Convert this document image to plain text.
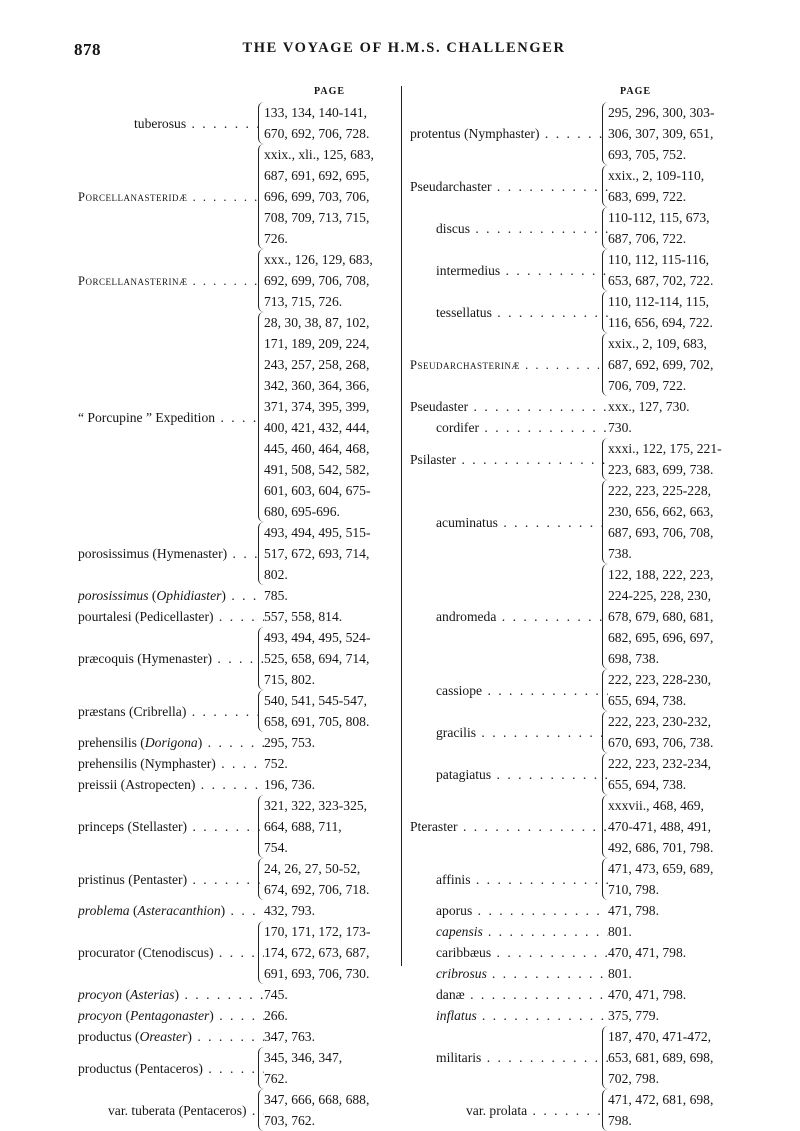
878	THE VOYAGE OF H.M.S. CHALLENGER
PAGE
tuberosus . . .
133, 134, 140-141,
670, 692, 706, 728.
Porcellanasteridæ . . .
xxix., xli., 125, 683,
687, 691, 692, 695,
696, 699, 703, 706,
708, 709, 713, 715,
726.
Porcellanasterinæ . . .
xxx., 126, 129, 683,
692, 699, 706, 708,
713, 715, 726.
“ Porcupine ” Expedition . . .
28, 30, 38, 87, 102,
171, 189, 209, 224,
243, 257, 258, 268,
342, 360, 364, 366,
371, 374, 395, 399,
400, 421, 432, 444,
445, 460, 464, 468,
491, 508, 542, 582,
601, 603, 604, 675-
680, 695-696.
porosissimus (Hymenaster) . . .
493, 494, 495, 515-
517, 672, 693, 714,
802.
porosissimus (Ophidiaster) . . .	785.
pourtalesi (Pedicellaster) . . .	557, 558, 814.
præcoquis (Hymenaster) . . .
493, 494, 495, 524-
525, 658, 694, 714,
715, 802.
præstans (Cribrella) . . .
540, 541, 545-547,
658, 691, 705, 808.
prehensilis (Dorigona) . . .	295, 753.
prehensilis (Nymphaster) . . .	752.
preissii (Astropecten) . . .	196, 736.
princeps (Stellaster) . . .
321, 322, 323-325,
664, 688, 711,
754.
pristinus (Pentaster) . . .
24, 26, 27, 50-52,
674, 692, 706, 718.
problema (Asteracanthion) . . .	432, 793.
procurator (Ctenodiscus) . . .
170, 171, 172, 173-
174, 672, 673, 687,
691, 693, 706, 730.
procyon (Asterias) . . .	745.
procyon (Pentagonaster) . . .	266.
productus (Oreaster) . . .	347, 763.
productus (Pentaceros) . . .
345, 346, 347,
762.
var. tuberata (Pentaceros) . . .
347, 666, 668, 688,
703, 762.
PAGE
protentus (Nymphaster) . . .
295, 296, 300, 303-
306, 307, 309, 651,
693, 705, 752.
Pseudarchaster . . .
xxix., 2, 109-110,
683, 699, 722.
discus . . .
110-112, 115, 673,
687, 706, 722.
intermedius . . .
110, 112, 115-116,
653, 687, 702, 722.
tessellatus . . .
110, 112-114, 115,
116, 656, 694, 722.
Pseudarchasterinæ . . .
xxix., 2, 109, 683,
687, 692, 699, 702,
706, 709, 722.
Pseudaster . . .	xxx., 127, 730.
cordifer . . .	730.
Psilaster . . .
xxxi., 122, 175, 221-
223, 683, 699, 738.
acuminatus . . .
222, 223, 225-228,
230, 656, 662, 663,
687, 693, 706, 708,
738.
andromeda . . .
122, 188, 222, 223,
224-225, 228, 230,
678, 679, 680, 681,
682, 695, 696, 697,
698, 738.
cassiope . . .
222, 223, 228-230,
655, 694, 738.
gracilis . . .
222, 223, 230-232,
670, 693, 706, 738.
patagiatus . . .
222, 223, 232-234,
655, 694, 738.
Pteraster . . .
xxxvii., 468, 469,
470-471, 488, 491,
492, 686, 701, 798.
affinis . . .
471, 473, 659, 689,
710, 798.
aporus . . .	471, 798.
capensis . . .	801.
caribbæus . . .	470, 471, 798.
cribrosus . . .	801.
danæ . . .	470, 471, 798.
inflatus . . .	375, 779.
militaris . . .
187, 470, 471-472,
653, 681, 689, 698,
702, 798.
var. prolata . . .
471, 472, 681, 698,
798.
